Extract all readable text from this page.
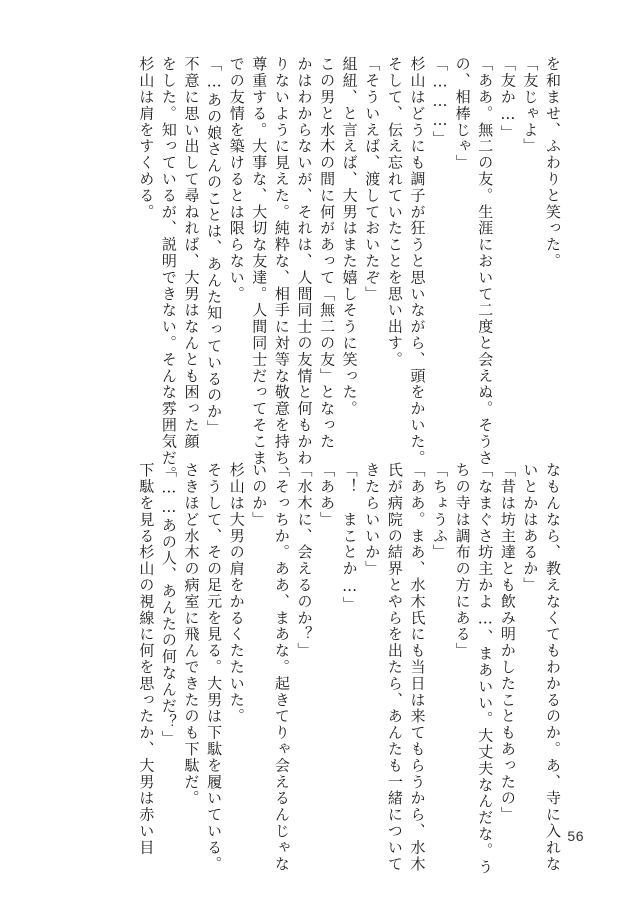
を和ませ、ふわりと笑った。
「友じゃよ」
「友か…」
「ああ。無二の友。生涯において二度と会えぬ。そうさ
の、相棒じゃ」
「………」
杉山はどうにも調子が狂うと思いながら、頭をかいた。
そして、伝え忘れていたことを思い出す。
「そういえば、渡しておいたぞ」
組紐、と言えば、大男はまた嬉しそうに笑った。
この男と水木の間に何があって「無二の友」となった
かはわからないが、それは、人間同士の友情と何もかわ
りないように見えた。純粋な、相手に対等な敬意を持ち、
尊重する。大事な、大切な友達。人間同士だってそこま
での友情を築けるとは限らない。
「…あの娘さんのことは、あんた知っているのか」
不意に思い出して尋ねれば、大男はなんとも困った顔
をした。知っているが、説明できない。そんな雰囲気だ。
杉山は肩をすくめる。
なもんなら、教えなくてもわかるのか。あ、寺に入れな
いとかはあるか」
「昔は坊主達とも飲み明かしたこともあったの」
「なまぐさ坊主かよ…、まあいい。大丈夫なんだな。う
ちの寺は調布の方にある」
「ちょうふ」
「ああ。まあ、水木氏にも当日は来てもらうから、水木
氏が病院の結界とやらを出たら、あんたも一緒について
きたらいいか」
「！　まことか…」
「ああ」
「水木に、会えるのか？」
「そっちか。ああ、まあな。起きてりゃ会えるんじゃな
いのか」
杉山は大男の肩をかるくたたいた。
そうして、その足元を見る。大男は下駄を履いている。
さきほど水木の病室に飛んできたのも下駄だ。
「……あの人、あんたの何なんだ？」
下駄を見る杉山の視線に何を思ったか、大男は赤い目	56
